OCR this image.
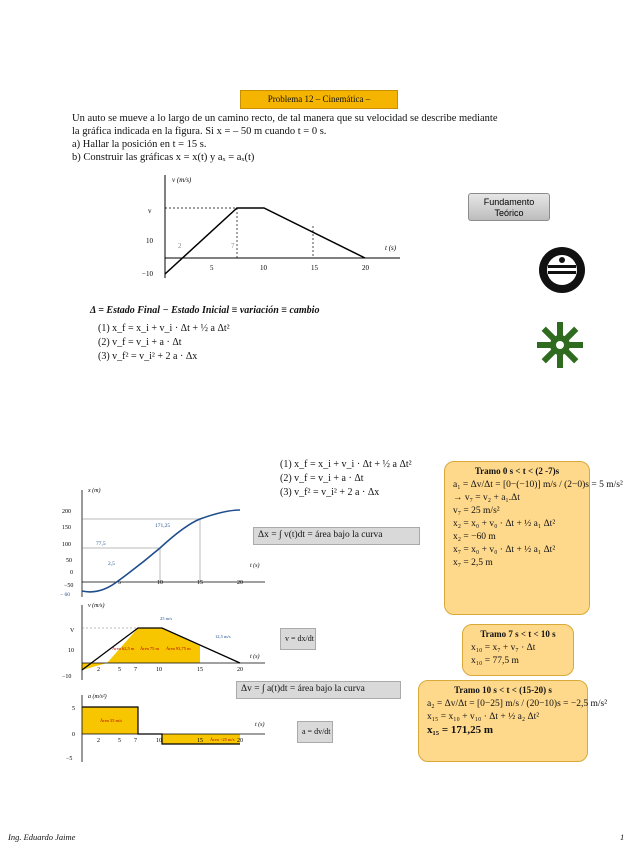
Problema 12 – Cinemática –
Un auto se mueve a lo largo de un camino recto, de tal manera que su velocidad se describe mediante
la gráfica indicada en la figura. Si x = – 50 m cuando t = 0 s.
a) Hallar la posición en t = 15 s.
b) Construir las gráficas x = x(t) y aₓ = aₓ(t)
v (m/s)
t (s)
v
10
−10
5	10	15	20
2	7
Fundamento
Teórico
Δ = Estado Final − Estado Inicial ≡ variación ≡ cambio
(1) x_f = x_i + v_i · Δt + ½ a Δt²
(2) v_f = v_i + a · Δt
(3) v_f² = v_i² + 2 a · Δx
x (m)
t (s)
200
150
100
50
0
−50	5	10	15	20
171,25
77,5
2,5
− 60
(1) x_f = x_i + v_i · Δt + ½ a Δt²
(2) v_f = v_i + a · Δt
(3) v_f² = v_i² + 2 a · Δx
Δx = ∫ v(t)dt = área bajo la curva
v (m/s)
t (s)
V
10
−10
2	5 7	10	15	20
Área 62,5 m Área 75 m Área 93,75 m
25 m/s
12,5 m/s	v = dx/dt
Δv = ∫ a(t)dt = área bajo la curva
a (m/s²)
t (s)
5
0
−5
2	5 7	10	15	20
Área 35 m/s
Área −25 m/s
a = dv/dt
Tramo 0 s < t < (2 -7)s
a₁ = Δv/Δt = [0−(−10)] m/s / (2−0)s = 5 m/s²
→ v₇ = v₂ + a₁.Δt
v₇ = 25 m/s²
x₂ = x₀ + v₀ · Δt + ½ a₁ Δt²
x₂ = −60 m
x₇ = x₀ + v₀ · Δt + ½ a₁ Δt²
x₇ = 2,5 m
Tramo 7 s < t < 10 s
x₁₀ = x₇ + v₇ · Δt
x₁₀ = 77,5 m
Tramo 10 s < t < (15-20) s
a₂ = Δv/Δt = [0−25] m/s / (20−10)s = −2,5 m/s²
x₁₅ = x₁₀ + v₁₀ · Δt + ½ a₂ Δt²
x₁₅ = 171,25 m
Ing. Eduardo Jaime	1
